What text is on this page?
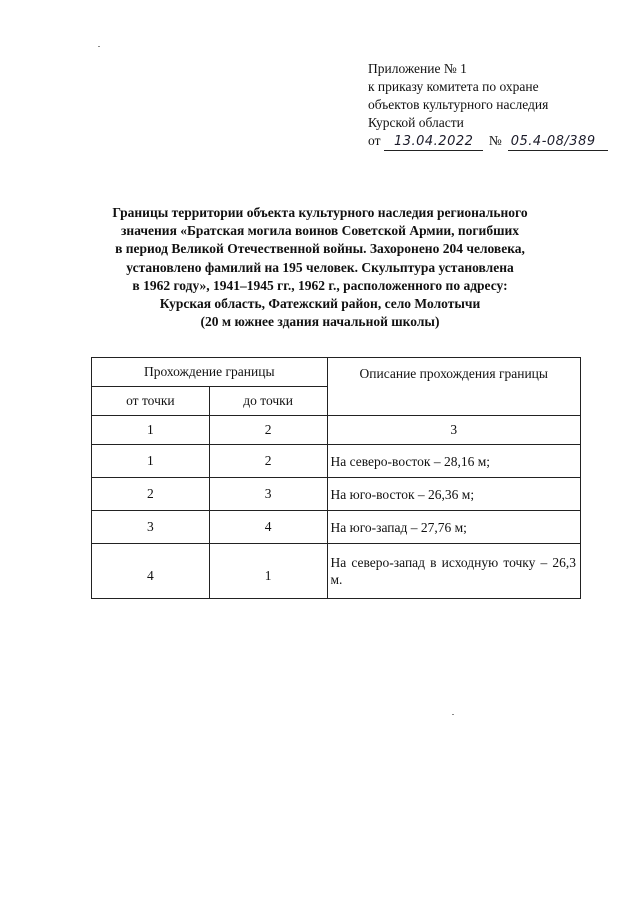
Приложение № 1
к приказу комитета по охране
объектов культурного наследия
Курской области
от	13.04.2022	№ 05.4-08/389
Границы территории объекта культурного наследия регионального
значения «Братская могила воинов Советской Армии, погибших
в период Великой Отечественной войны. Захоронено 204 человека,
установлено фамилий на 195 человек. Скульптура установлена
в 1962 году», 1941–1945 гг., 1962 г., расположенного по адресу:
Курская область, Фатежский район, село Молотычи
(20 м южнее здания начальной школы)
Прохождение границы		Описание прохождения границы
от точки	до точки	
1	2	3
1	2	На северо-восток – 28,16 м;
2	3	На юго-восток – 26,36 м;
3	4	На юго-запад – 27,76 м;
4	1	На северо-запад в исходную точку – 26,3 м.
